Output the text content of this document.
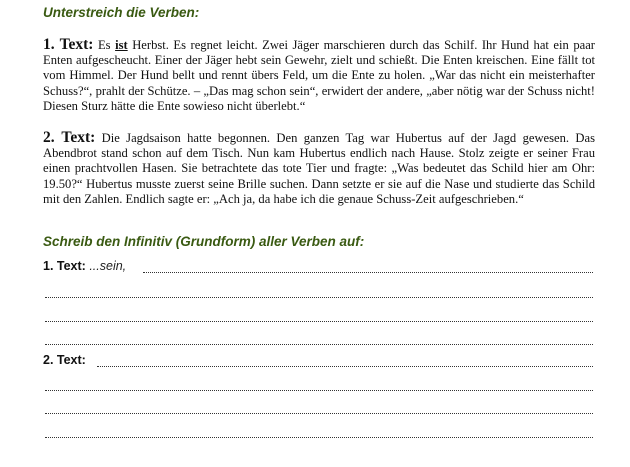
Unterstreich die Verben:
1. Text: Es ist Herbst. Es regnet leicht. Zwei Jäger marschieren durch das Schilf. Ihr Hund hat ein paar Enten aufgescheucht. Einer der Jäger hebt sein Gewehr, zielt und schießt. Die Enten kreischen. Eine fällt tot vom Himmel. Der Hund bellt und rennt übers Feld, um die Ente zu holen. „War das nicht ein meisterhafter Schuss?“, prahlt der Schütze. – „Das mag schon sein“, erwidert der andere, „aber nötig war der Schuss nicht! Diesen Sturz hätte die Ente sowieso nicht überlebt.“
2. Text: Die Jagdsaison hatte begonnen. Den ganzen Tag war Hubertus auf der Jagd gewesen. Das Abendbrot stand schon auf dem Tisch. Nun kam Hubertus endlich nach Hause. Stolz zeigte er seiner Frau einen prachtvollen Hasen. Sie betrachtete das tote Tier und fragte: „Was bedeutet das Schild hier am Ohr: 19.50?“ Hubertus musste zuerst seine Brille suchen. Dann setzte er sie auf die Nase und studierte das Schild mit den Zahlen. Endlich sagte er: „Ach ja, da habe ich die genaue Schuss-Zeit aufgeschrieben.“
Schreib den Infinitiv (Grundform) aller Verben auf:
1. Text: ...sein,
2. Text:
